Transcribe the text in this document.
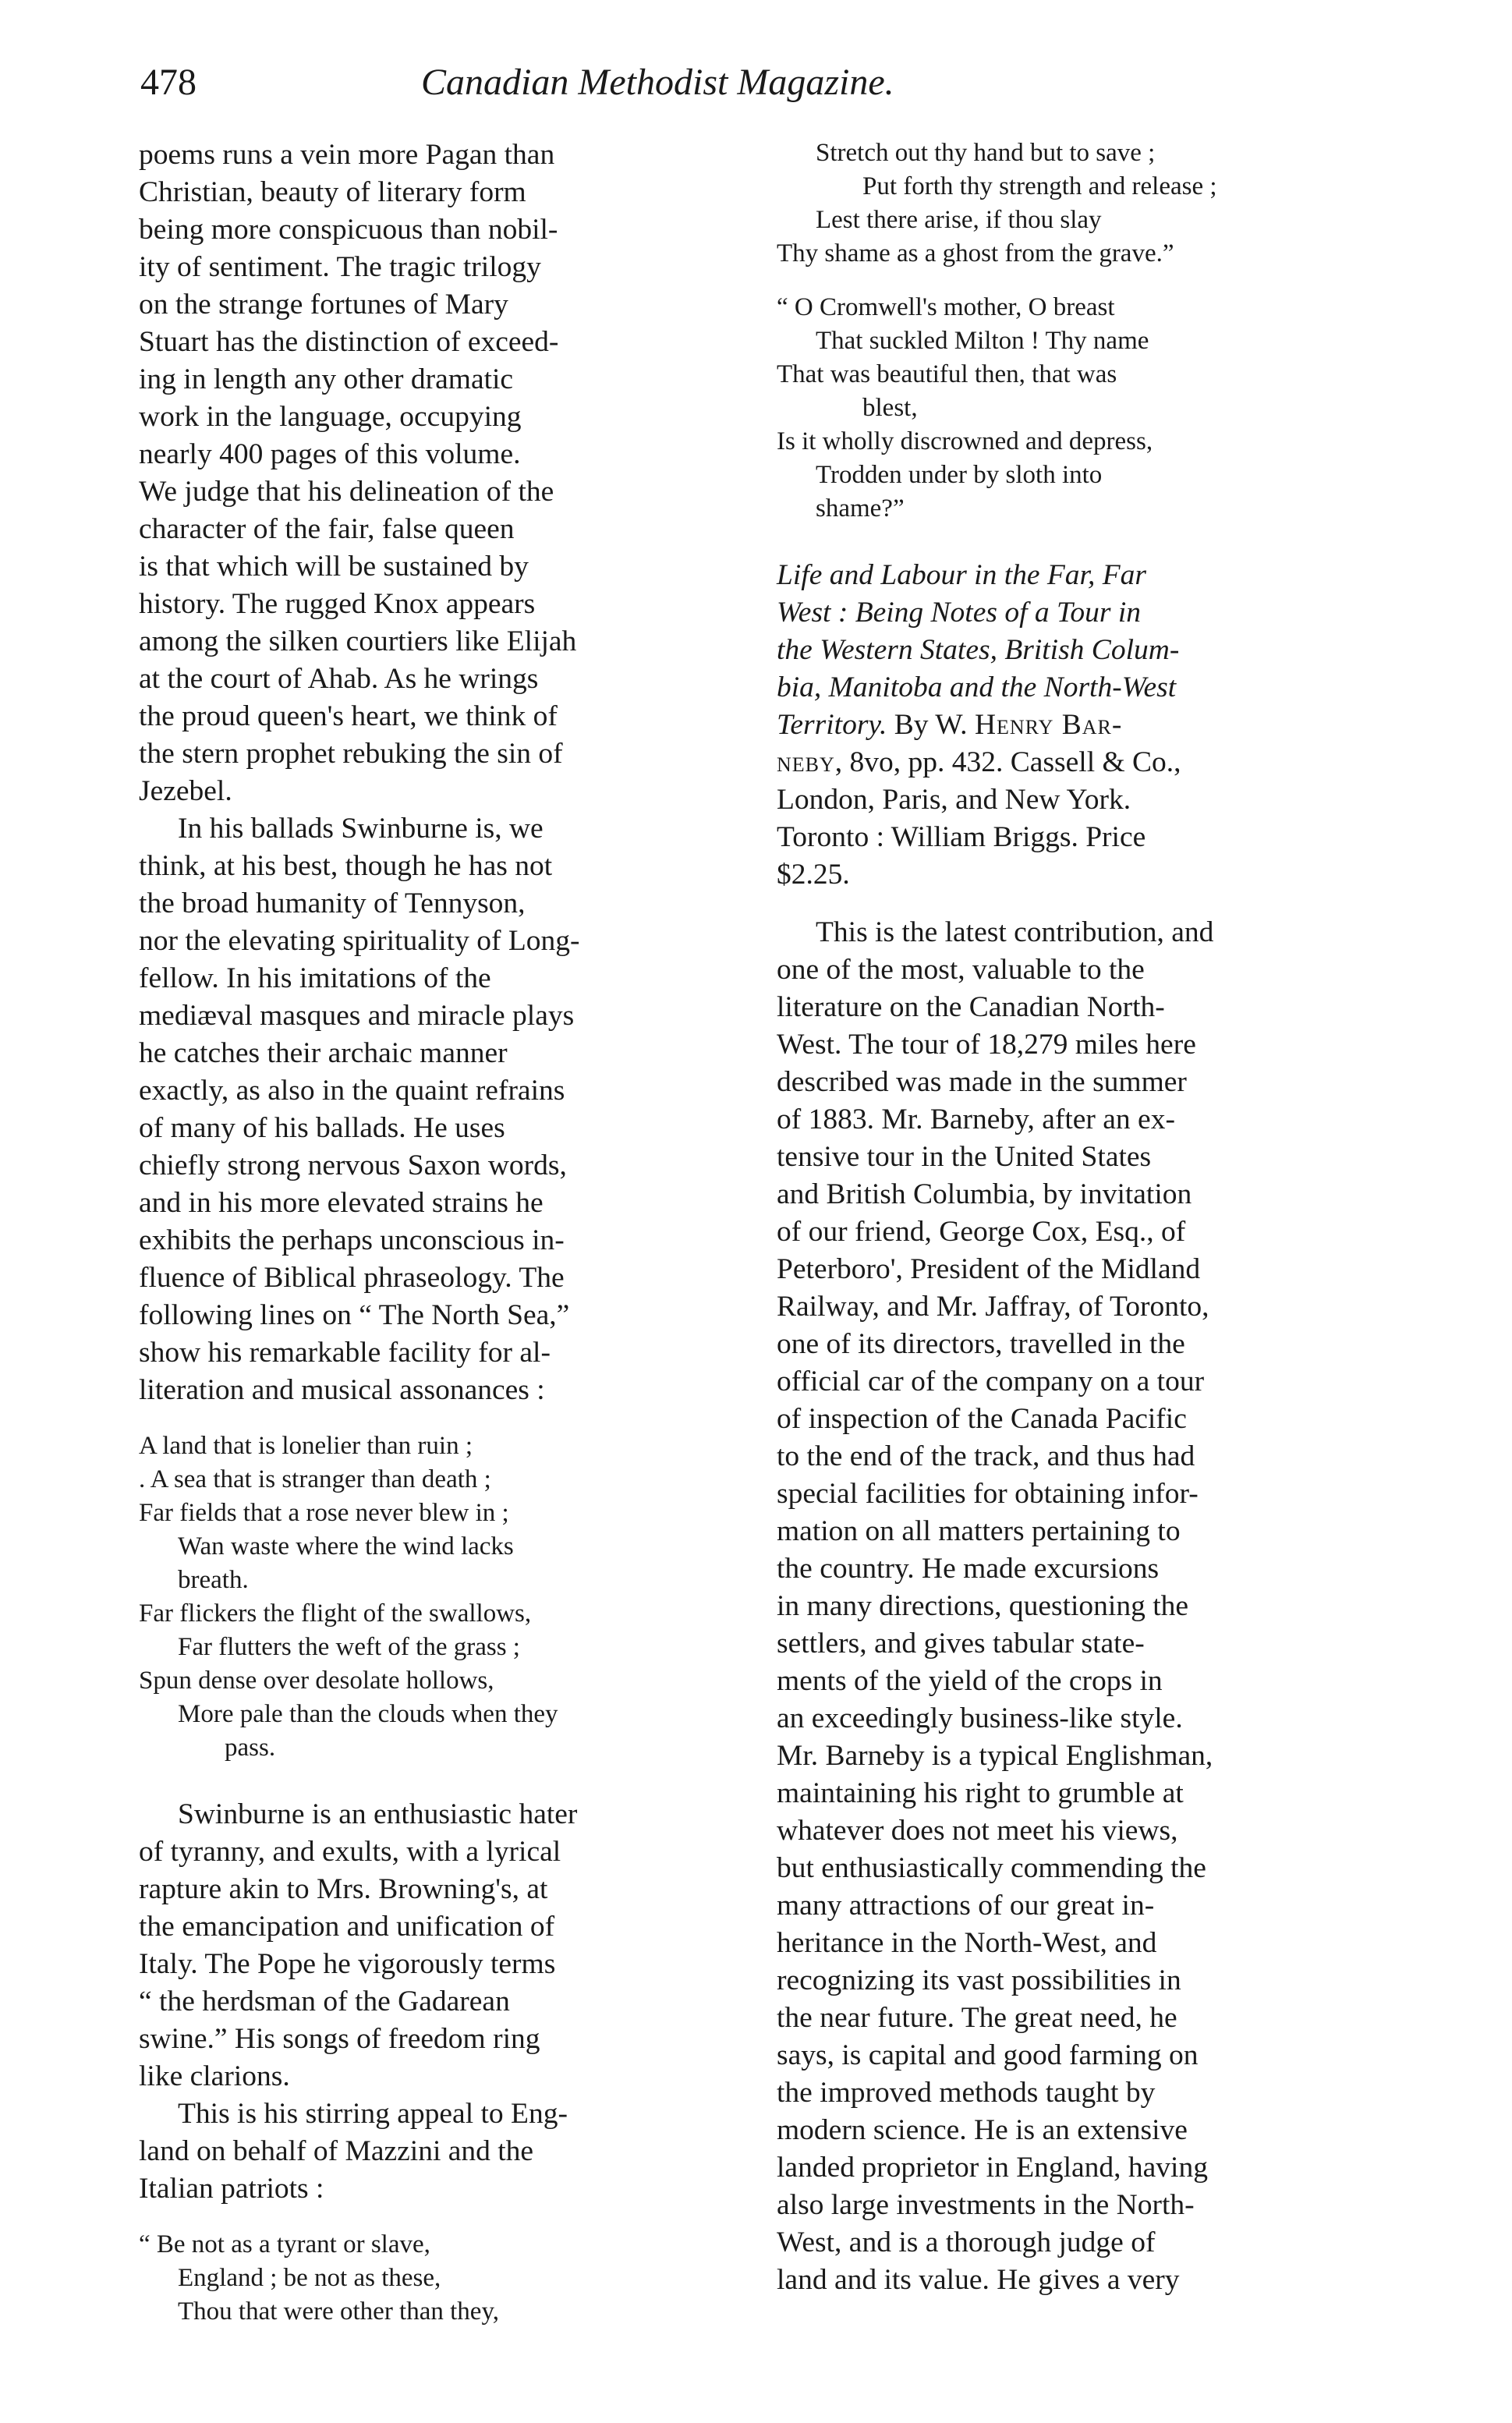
478	Canadian Methodist Magazine.

poems runs a vein more Pagan than
Christian, beauty of literary form
being more conspicuous than nobil-
ity of sentiment. The tragic trilogy
on the strange fortunes of Mary
Stuart has the distinction of exceed-
ing in length any other dramatic
work in the language, occupying
nearly 400 pages of this volume.
We judge that his delineation of the
character of the fair, false queen
is that which will be sustained by
history. The rugged Knox appears
among the silken courtiers like Elijah
at the court of Ahab. As he wrings
the proud queen's heart, we think of
the stern prophet rebuking the sin of
Jezebel.

In his ballads Swinburne is, we
think, at his best, though he has not
the broad humanity of Tennyson,
nor the elevating spirituality of Long-
fellow. In his imitations of the
mediæval masques and miracle plays
he catches their archaic manner
exactly, as also in the quaint refrains
of many of his ballads. He uses
chiefly strong nervous Saxon words,
and in his more elevated strains he
exhibits the perhaps unconscious in-
fluence of Biblical phraseology. The
following lines on “ The North Sea,”
show his remarkable facility for al-
literation and musical assonances :

A land that is lonelier than ruin ;
. A sea that is stranger than death ;
Far fields that a rose never blew in ;
Wan waste where the wind lacks
breath.
Far flickers the flight of the swallows,
Far flutters the weft of the grass ;
Spun dense over desolate hollows,
More pale than the clouds when they
pass.

Swinburne is an enthusiastic hater
of tyranny, and exults, with a lyrical
rapture akin to Mrs. Browning's, at
the emancipation and unification of
Italy. The Pope he vigorously terms
“ the herdsman of the Gadarean
swine.” His songs of freedom ring
like clarions.

This is his stirring appeal to Eng-
land on behalf of Mazzini and the
Italian patriots :

“ Be not as a tyrant or slave,
England ; be not as these,
Thou that were other than they,
Stretch out thy hand but to save ;
Put forth thy strength and release ;
Lest there arise, if thou slay
Thy shame as a ghost from the grave.”
“ O Cromwell's mother, O breast
That suckled Milton ! Thy name
That was beautiful then, that was
blest,
Is it wholly discrowned and depress,
Trodden under by sloth into
shame?”
Life and Labour in the Far, Far
West : Being Notes of a Tour in
the Western States, British Colum-
bia, Manitoba and the North-West
Territory. By W. Henry Bar-
neby, 8vo, pp. 432. Cassell & Co.,
London, Paris, and New York.
Toronto : William Briggs. Price
$2.25.

This is the latest contribution, and
one of the most, valuable to the
literature on the Canadian North-
West. The tour of 18,279 miles here
described was made in the summer
of 1883. Mr. Barneby, after an ex-
tensive tour in the United States
and British Columbia, by invitation
of our friend, George Cox, Esq., of
Peterboro', President of the Midland
Railway, and Mr. Jaffray, of Toronto,
one of its directors, travelled in the
official car of the company on a tour
of inspection of the Canada Pacific
to the end of the track, and thus had
special facilities for obtaining infor-
mation on all matters pertaining to
the country. He made excursions
in many directions, questioning the
settlers, and gives tabular state-
ments of the yield of the crops in
an exceedingly business-like style.
Mr. Barneby is a typical Englishman,
maintaining his right to grumble at
whatever does not meet his views,
but enthusiastically commending the
many attractions of our great in-
heritance in the North-West, and
recognizing its vast possibilities in
the near future. The great need, he
says, is capital and good farming on
the improved methods taught by
modern science. He is an extensive
landed proprietor in England, having
also large investments in the North-
West, and is a thorough judge of
land and its value. He gives a very
